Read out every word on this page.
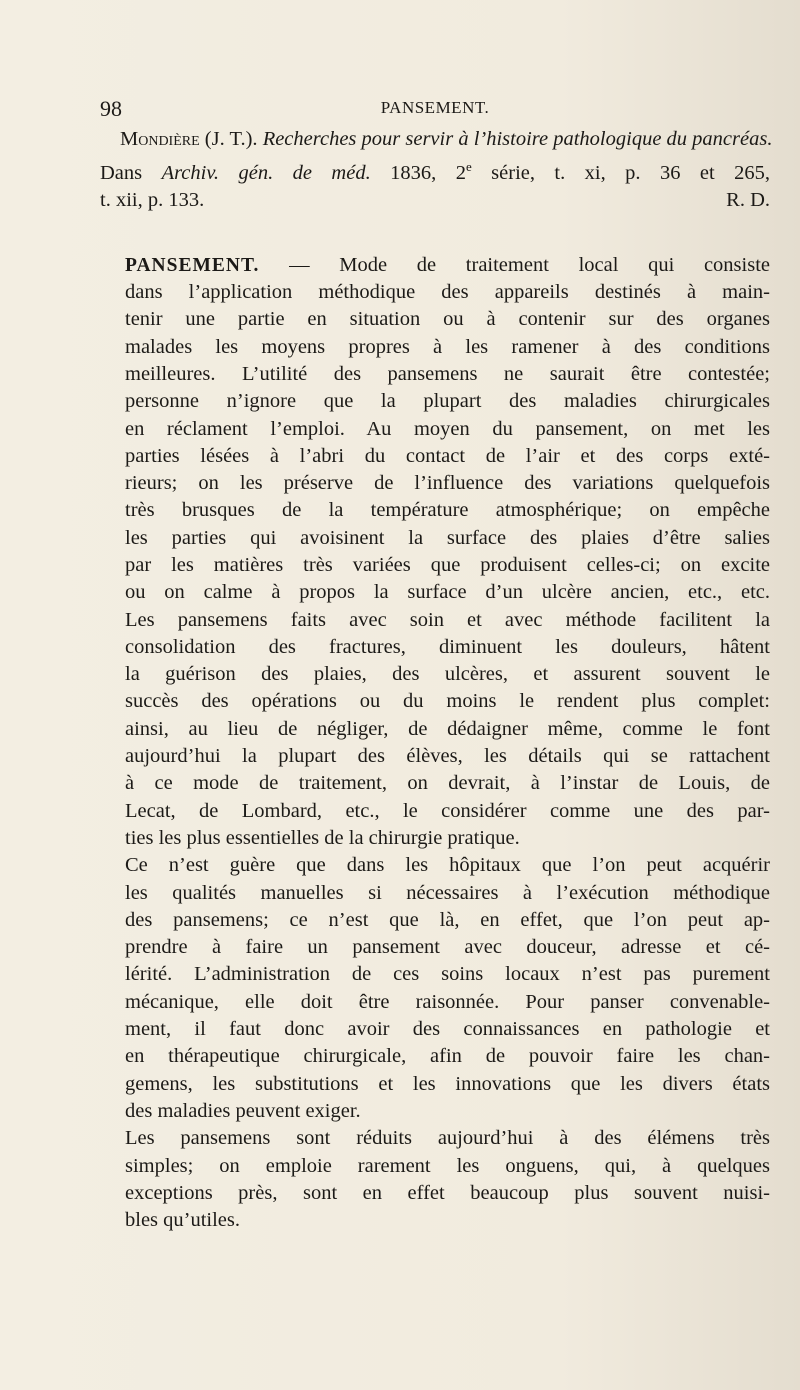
98	PANSEMENT.

Mondière (J. T.). Recherches pour servir à l’histoire pathologique du pancréas.

Dans Archiv. gén. de méd. 1836, 2e série, t. xi, p. 36 et 265,
t. xii, p. 133.	R. D.

PANSEMENT. — Mode de traitement local qui consiste
dans l’application méthodique des appareils destinés à main-
tenir une partie en situation ou à contenir sur des organes
malades les moyens propres à les ramener à des conditions
meilleures. L’utilité des pansemens ne saurait être contestée;
personne n’ignore que la plupart des maladies chirurgicales
en réclament l’emploi. Au moyen du pansement, on met les
parties lésées à l’abri du contact de l’air et des corps exté-
rieurs; on les préserve de l’influence des variations quelquefois
très brusques de la température atmosphérique; on empêche
les parties qui avoisinent la surface des plaies d’être salies
par les matières très variées que produisent celles-ci; on excite
ou on calme à propos la surface d’un ulcère ancien, etc., etc.
Les pansemens faits avec soin et avec méthode facilitent la
consolidation des fractures, diminuent les douleurs, hâtent
la guérison des plaies, des ulcères, et assurent souvent le
succès des opérations ou du moins le rendent plus complet:
ainsi, au lieu de négliger, de dédaigner même, comme le font
aujourd’hui la plupart des élèves, les détails qui se rattachent
à ce mode de traitement, on devrait, à l’instar de Louis, de
Lecat, de Lombard, etc., le considérer comme une des par-
ties les plus essentielles de la chirurgie pratique.

Ce n’est guère que dans les hôpitaux que l’on peut acquérir
les qualités manuelles si nécessaires à l’exécution méthodique
des pansemens; ce n’est que là, en effet, que l’on peut ap-
prendre à faire un pansement avec douceur, adresse et cé-
lérité. L’administration de ces soins locaux n’est pas purement
mécanique, elle doit être raisonnée. Pour panser convenable-
ment, il faut donc avoir des connaissances en pathologie et
en thérapeutique chirurgicale, afin de pouvoir faire les chan-
gemens, les substitutions et les innovations que les divers états
des maladies peuvent exiger.

Les pansemens sont réduits aujourd’hui à des élémens très
simples; on emploie rarement les onguens, qui, à quelques
exceptions près, sont en effet beaucoup plus souvent nuisi-
bles qu’utiles.
